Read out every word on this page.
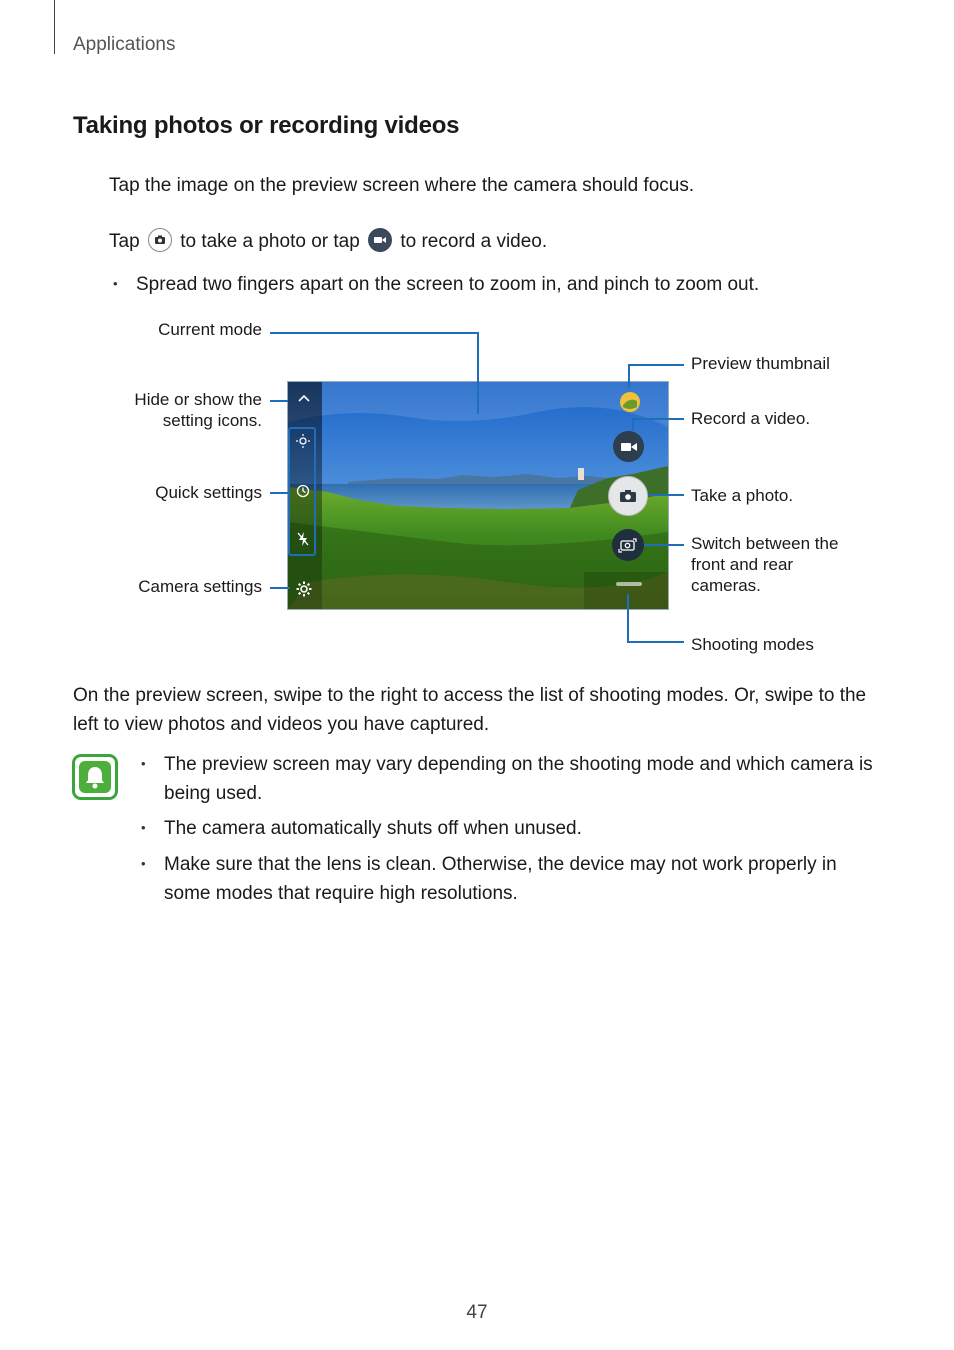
Applications
Taking photos or recording videos
Tap the image on the preview screen where the camera should focus.
Tap to take a photo or tap to record a video.
• Spread two fingers apart on the screen to zoom in, and pinch to zoom out.
Current mode
Hide or show the
setting icons.
Quick settings
Camera settings
Preview thumbnail
Record a video.
Take a photo.
Switch between the
front and rear
cameras.
Shooting modes
On the preview screen, swipe to the right to access the list of shooting modes. Or, swipe to the left to view photos and videos you have captured.
• The preview screen may vary depending on the shooting mode and which camera is being used.
• The camera automatically shuts off when unused.
• Make sure that the lens is clean. Otherwise, the device may not work properly in some modes that require high resolutions.
47
